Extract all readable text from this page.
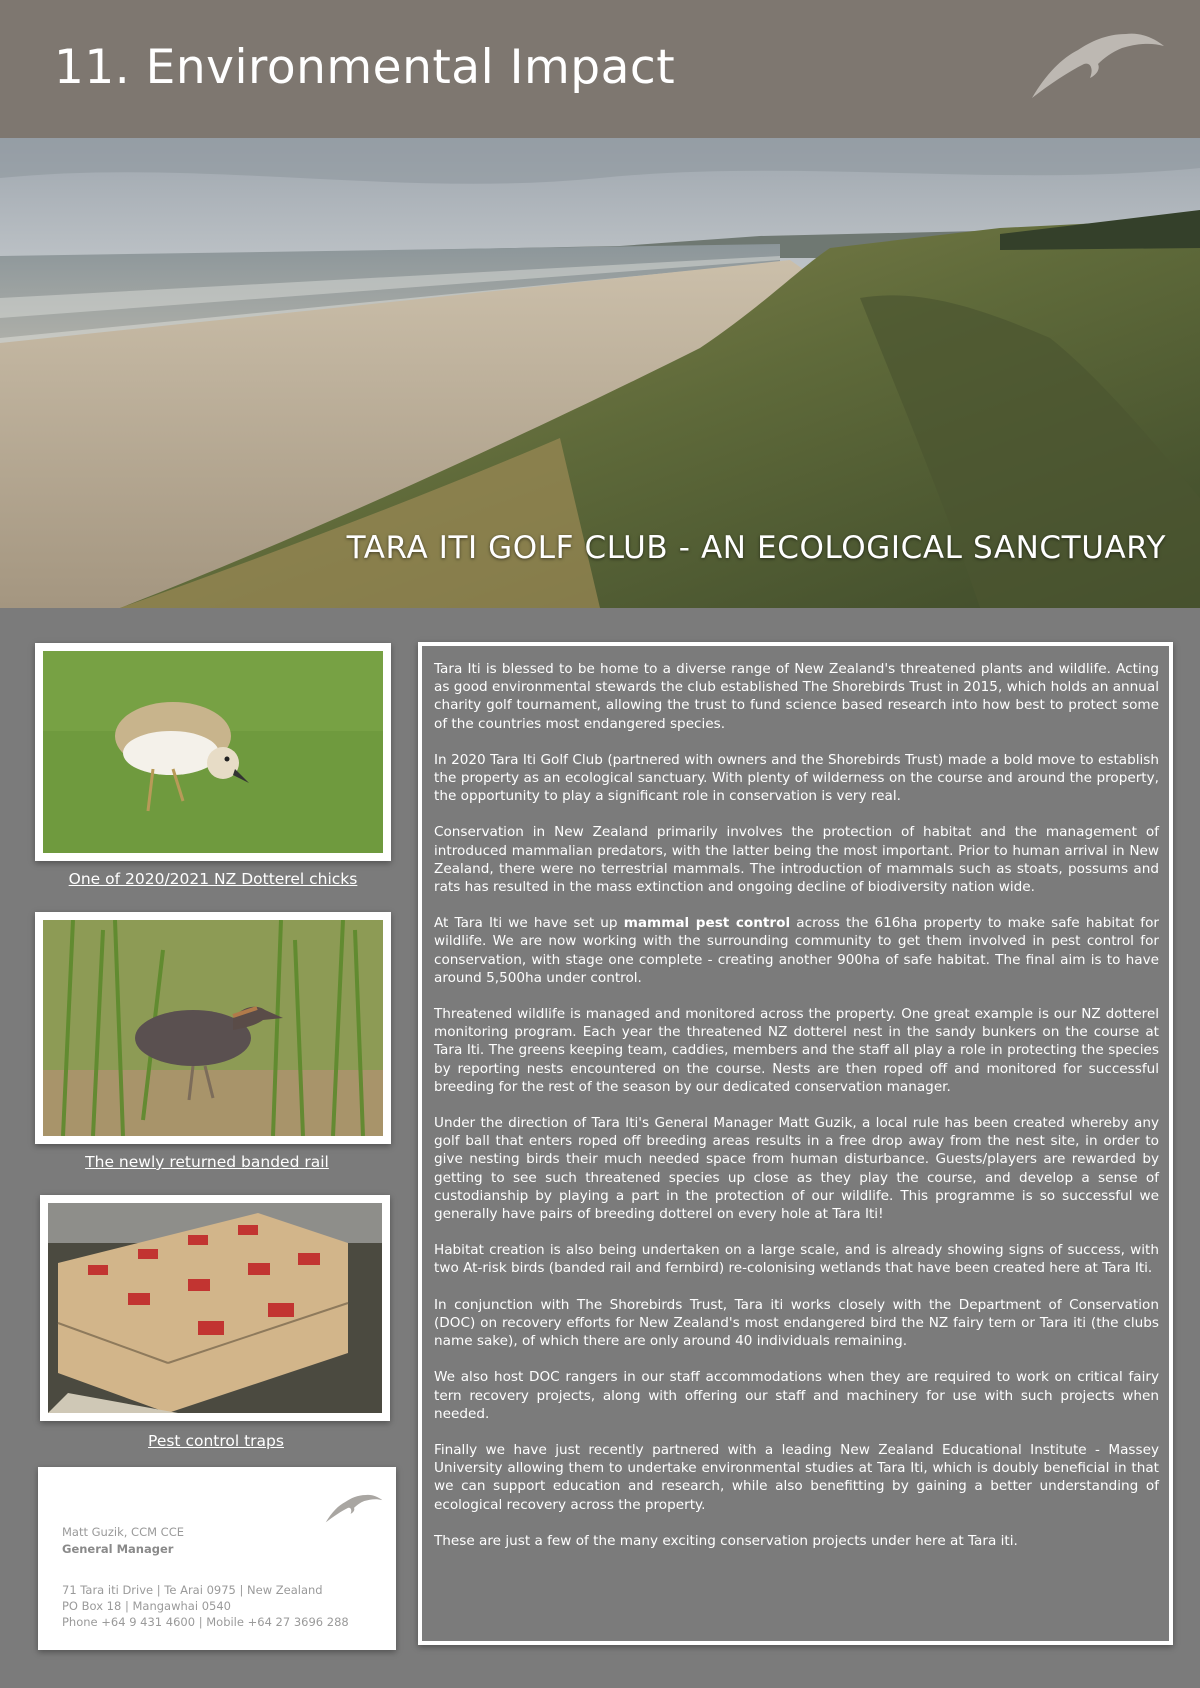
11. Environmental Impact
TARA ITI GOLF CLUB - AN ECOLOGICAL SANCTUARY
One of 2020/2021 NZ Dotterel chicks
The newly returned banded rail
Pest control traps
Matt Guzik, CCM CCE
General Manager
71 Tara iti Drive | Te Arai 0975 | New Zealand
PO Box 18 | Mangawhai 0540
Phone +64 9 431 4600 | Mobile +64 27 3696 288

Tara Iti is blessed to be home to a diverse range of New Zealand's threatened plants and wildlife. Acting as good environmental stewards the club established The Shorebirds Trust in 2015, which holds an annual charity golf tournament, allowing the trust to fund science based research into how best to protect some of the countries most endangered species.

In 2020 Tara Iti Golf Club (partnered with owners and the Shorebirds Trust) made a bold move to establish the property as an ecological sanctuary. With plenty of wilderness on the course and around the property, the opportunity to play a significant role in conservation is very real.

Conservation in New Zealand primarily involves the protection of habitat and the management of introduced mammalian predators, with the latter being the most important. Prior to human arrival in New Zealand, there were no terrestrial mammals. The introduction of mammals such as stoats, possums and rats has resulted in the mass extinction and ongoing decline of biodiversity nation wide.

At Tara Iti we have set up mammal pest control across the 616ha property to make safe habitat for wildlife. We are now working with the surrounding community to get them involved in pest control for conservation, with stage one complete - creating another 900ha of safe habitat. The final aim is to have around 5,500ha under control.

Threatened wildlife is managed and monitored across the property. One great example is our NZ dotterel monitoring program. Each year the threatened NZ dotterel nest in the sandy bunkers on the course at Tara Iti. The greens keeping team, caddies, members and the staff all play a role in protecting the species by reporting nests encountered on the course. Nests are then roped off and monitored for successful breeding for the rest of the season by our dedicated conservation manager.

Under the direction of Tara Iti's General Manager Matt Guzik, a local rule has been created whereby any golf ball that enters roped off breeding areas results in a free drop away from the nest site, in order to give nesting birds their much needed space from human disturbance. Guests/players are rewarded by getting to see such threatened species up close as they play the course, and develop a sense of custodianship by playing a part in the protection of our wildlife. This programme is so successful we generally have pairs of breeding dotterel on every hole at Tara Iti!

Habitat creation is also being undertaken on a large scale, and is already showing signs of success, with two At-risk birds (banded rail and fernbird) re-colonising wetlands that have been created here at Tara Iti.

In conjunction with The Shorebirds Trust, Tara iti works closely with the Department of Conservation (DOC) on recovery efforts for New Zealand's most endangered bird the NZ fairy tern or Tara iti (the clubs name sake), of which there are only around 40 individuals remaining.

We also host DOC rangers in our staff accommodations when they are required to work on critical fairy tern recovery projects, along with offering our staff and machinery for use with such projects when needed.

Finally we have just recently partnered with a leading New Zealand Educational Institute - Massey University allowing them to undertake environmental studies at Tara Iti, which is doubly beneficial in that we can support education and research, while also benefitting by gaining a better understanding of ecological recovery across the property.

These are just a few of the many exciting conservation projects under here at Tara iti.
